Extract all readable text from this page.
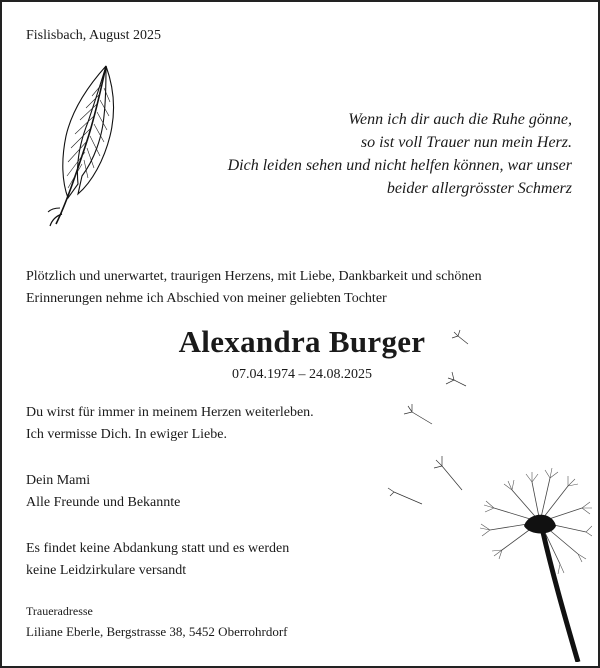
Fislisbach, August 2025
Wenn ich dir auch die Ruhe gönne,
so ist voll Trauer nun mein Herz.
Dich leiden sehen und nicht helfen können, war unser
beider allergrösster Schmerz
Plötzlich und unerwartet, traurigen Herzens, mit Liebe, Dankbarkeit und schönen
Erinnerungen nehme ich Abschied von meiner geliebten Tochter
Alexandra Burger
07.04.1974 – 24.08.2025
Du wirst für immer in meinem Herzen weiterleben.
Ich vermisse Dich. In ewiger Liebe.
Dein Mami
Alle Freunde und Bekannte
Es findet keine Abdankung statt und es werden
keine Leidzirkulare versandt
Traueradresse
Liliane Eberle, Bergstrasse 38, 5452 Oberrohrdorf
